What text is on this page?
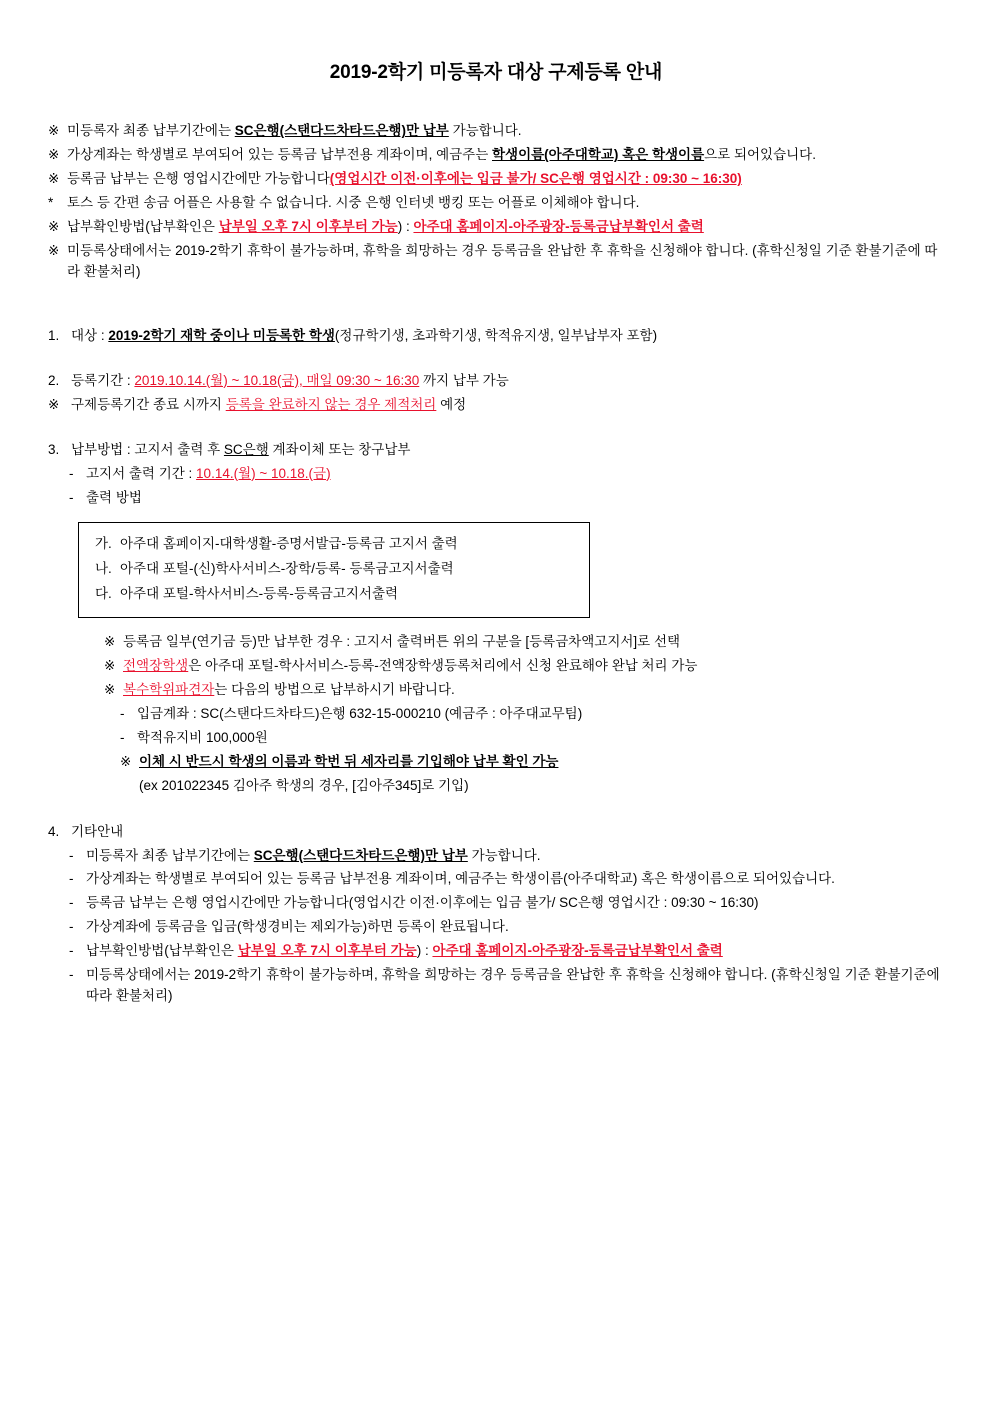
2019-2학기 미등록자 대상 구제등록 안내
※ 미등록자 최종 납부기간에는 SC은행(스탠다드차타드은행)만 납부 가능합니다.
※ 가상계좌는 학생별로 부여되어 있는 등록금 납부전용 계좌이며, 예금주는 학생이름(아주대학교) 혹은 학생이름으로 되어있습니다.
※ 등록금 납부는 은행 영업시간에만 가능합니다(영업시간 이전·이후에는 입금 불가/ SC은행 영업시간 : 09:30 ~ 16:30)
*	토스 등 간편 송금 어플은 사용할 수 없습니다. 시중 은행 인터넷 뱅킹 또는 어플로 이체해야 합니다.
※ 납부확인방법(납부확인은 납부일 오후 7시 이후부터 가능) : 아주대 홈페이지-아주광장-등록금납부확인서 출력
※ 미등록상태에서는 2019-2학기 휴학이 불가능하며, 휴학을 희망하는 경우 등록금을 완납한 후 휴학을 신청해야 합니다. (휴학신청일 기준 환불기준에 따라 환불처리)
1. 대상 : 2019-2학기 재학 중이나 미등록한 학생(정규학기생, 초과학기생, 학적유지생, 일부납부자 포함)
2. 등록기간 : 2019.10.14.(월) ~ 10.18(금), 매일 09:30 ~ 16:30 까지 납부 가능
※ 구제등록기간 종료 시까지 등록을 완료하지 않는 경우 제적처리 예정
3. 납부방법 : 고지서 출력 후 SC은행 계좌이체 또는 창구납부
- 고지서 출력 기간 : 10.14.(월) ~ 10.18.(금)
- 출력 방법
가. 아주대 홈페이지-대학생활-증명서발급-등록금 고지서 출력
나. 아주대 포털-(신)학사서비스-장학/등록- 등록금고지서출력
다. 아주대 포털-학사서비스-등록-등록금고지서출력
※ 등록금 일부(연기금 등)만 납부한 경우 : 고지서 출력버튼 위의 구분을 [등록금차액고지서]로 선택
※ 전액장학생은 아주대 포털-학사서비스-등록-전액장학생등록처리에서 신청 완료해야 완납 처리 가능
※ 복수학위파견자는 다음의 방법으로 납부하시기 바랍니다.
- 입금계좌 : SC(스탠다드차타드)은행 632-15-000210 (예금주 : 아주대교무팀)
- 학적유지비 100,000원
※ 이체 시 반드시 학생의 이름과 학번 뒤 세자리를 기입해야 납부 확인 가능
(ex 201022345 김아주 학생의 경우, [김아주345]로 기입)
4. 기타안내
- 미등록자 최종 납부기간에는 SC은행(스탠다드차타드은행)만 납부 가능합니다.
- 가상계좌는 학생별로 부여되어 있는 등록금 납부전용 계좌이며, 예금주는 학생이름(아주대학교) 혹은 학생이름으로 되어있습니다.
- 등록금 납부는 은행 영업시간에만 가능합니다(영업시간 이전·이후에는 입금 불가/ SC은행 영업시간 : 09:30 ~ 16:30)
- 가상계좌에 등록금을 입금(학생경비는 제외가능)하면 등록이 완료됩니다.
- 납부확인방법(납부확인은 납부일 오후 7시 이후부터 가능) : 아주대 홈페이지-아주광장-등록금납부확인서 출력
- 미등록상태에서는 2019-2학기 휴학이 불가능하며, 휴학을 희망하는 경우 등록금을 완납한 후 휴학을 신청해야 합니다. (휴학신청일 기준 환불기준에 따라 환불처리)
